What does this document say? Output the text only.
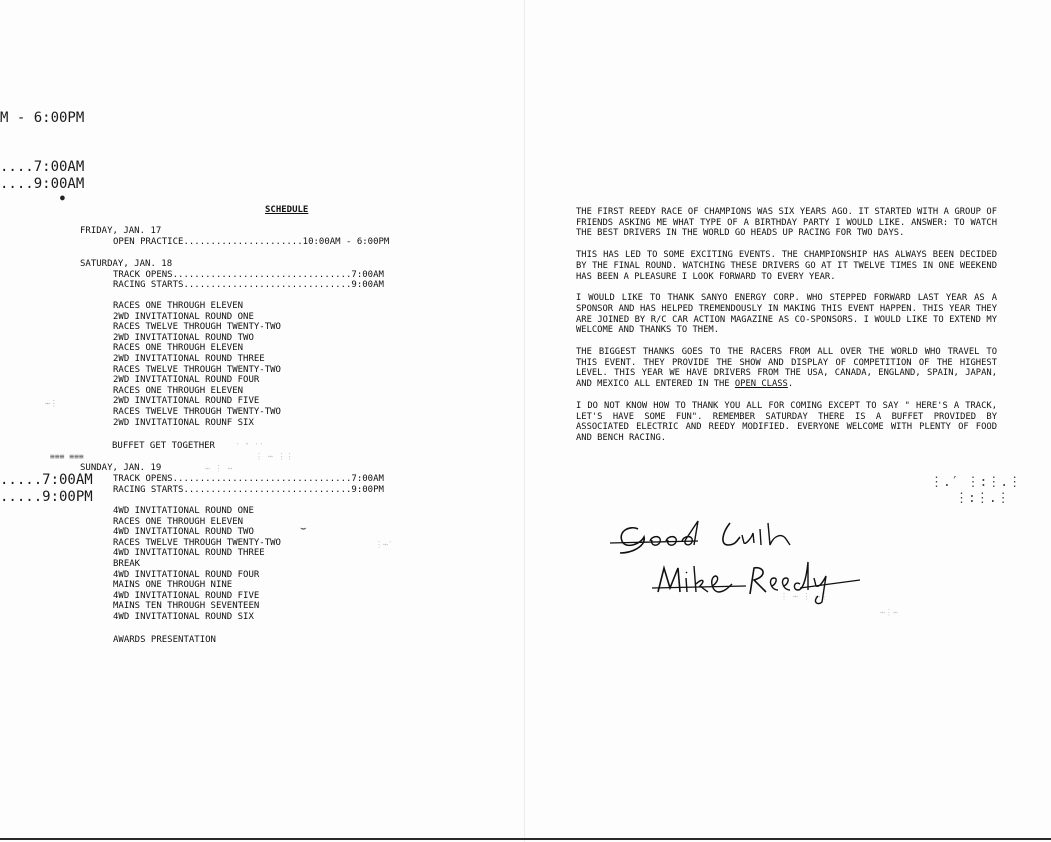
M - 6:00PM
....7:00AM
....9:00AM
●
SCHEDULE
FRIDAY, JAN. 17
OPEN PRACTICE......................10:00AM - 6:00PM
SATURDAY, JAN. 18
TRACK OPENS.................................7:00AM
RACING STARTS...............................9:00AM
RACES ONE THROUGH ELEVEN
2WD INVITATIONAL ROUND ONE
RACES TWELVE THROUGH TWENTY-TWO
2WD INVITATIONAL ROUND TWO
RACES ONE THROUGH ELEVEN
2WD INVITATIONAL ROUND THREE
RACES TWELVE THROUGH TWENTY-TWO
2WD INVITATIONAL ROUND FOUR
RACES ONE THROUGH ELEVEN
2WD INVITATIONAL ROUND FIVE
RACES TWELVE THROUGH TWENTY-TWO
2WD INVITATIONAL ROUNF SIX
BUFFET GET TOGETHER
SUNDAY, JAN. 19
TRACK OPENS.................................7:00AM
RACING STARTS...............................9:00PM
4WD INVITATIONAL ROUND ONE
RACES ONE THROUGH ELEVEN
4WD INVITATIONAL ROUND TWO
RACES TWELVE THROUGH TWENTY-TWO
4WD INVITATIONAL ROUND THREE
BREAK
4WD INVITATIONAL ROUND FOUR
MAINS ONE THROUGH NINE
4WD INVITATIONAL ROUND FIVE
MAINS TEN THROUGH SEVENTEEN
4WD INVITATIONAL ROUND SIX
AWARDS PRESENTATION
.....7:00AM
.....9:00PM
≡≡≡ ≡≡≡
′ ″ ′′
⋮ ⋯ ⋮⋮
⋯ ⋮ ⋯
⋯⋮
⋮⋯′
⌣

THE FIRST REEDY RACE OF CHAMPIONS WAS SIX YEARS AGO. IT STARTED WITH A GROUP OF FRIENDS ASKING ME WHAT TYPE OF A BIRTHDAY PARTY I WOULD LIKE. ANSWER: TO WATCH THE BEST DRIVERS IN THE WORLD GO HEADS UP RACING FOR TWO DAYS.

THIS HAS LED TO SOME EXCITING EVENTS. THE CHAMPIONSHIP HAS ALWAYS BEEN DECIDED BY THE FINAL ROUND. WATCHING THESE DRIVERS GO AT IT TWELVE TIMES IN ONE WEEKEND HAS BEEN A PLEASURE I LOOK FORWARD TO EVERY YEAR.

I WOULD LIKE TO THANK SANYO ENERGY CORP. WHO STEPPED FORWARD LAST YEAR AS A SPONSOR AND HAS HELPED TREMENDOUSLY IN MAKING THIS EVENT HAPPEN. THIS YEAR THEY ARE JOINED BY R/C CAR ACTION MAGAZINE AS CO-SPONSORS. I WOULD LIKE TO EXTEND MY WELCOME AND THANKS TO THEM.

THE BIGGEST THANKS GOES TO THE RACERS FROM ALL OVER THE WORLD WHO TRAVEL TO THIS EVENT. THEY PROVIDE THE SHOW AND DISPLAY OF COMPETITION OF THE HIGHEST LEVEL. THIS YEAR WE HAVE DRIVERS FROM THE USA, CANADA, ENGLAND, SPAIN, JAPAN, AND MEXICO ALL ENTERED IN THE OPEN CLASS.

I DO NOT KNOW HOW TO THANK YOU ALL FOR COMING EXCEPT TO SAY " HERE'S A TRACK, LET'S HAVE SOME FUN". REMEMBER SATURDAY THERE IS A BUFFET PROVIDED BY ASSOCIATED ELECTRIC AND REEDY MODIFIED. EVERYONE WELCOME WITH PLENTY OF FOOD AND BENCH RACING.

⋮.′ ⋮:⋮.⋮
⋮:⋮.⋮
⋮ ⋯ ⋮ ⋯⋮
⋯⋮⋯
